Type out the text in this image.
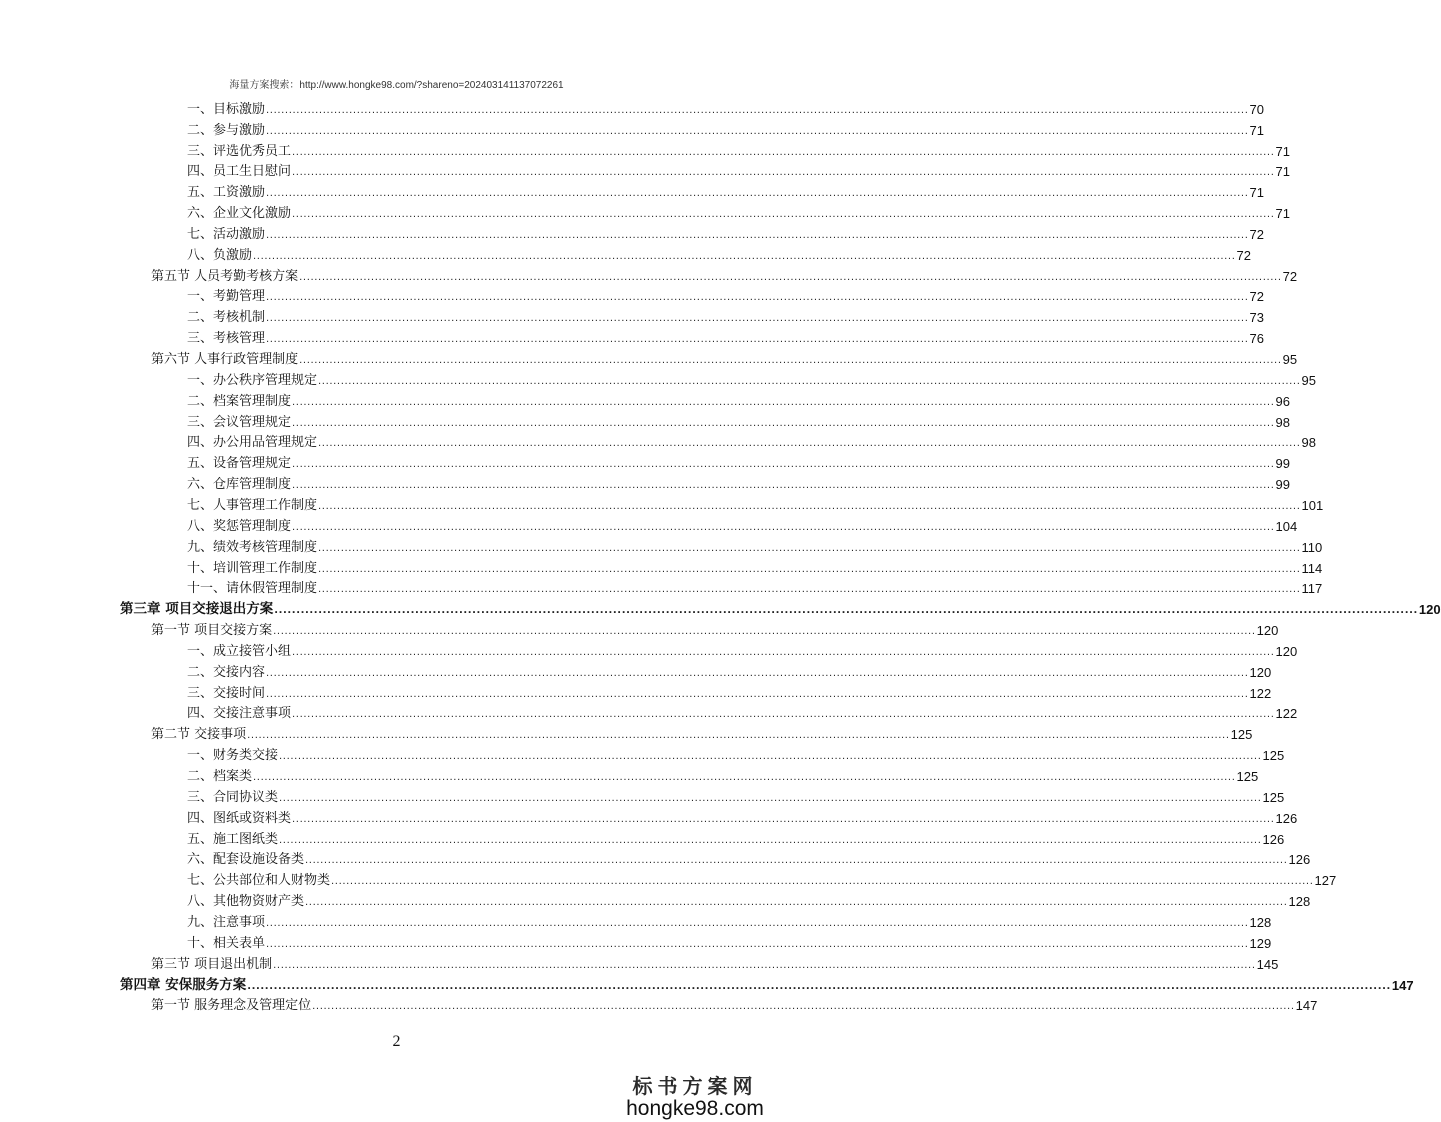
海量方案搜索：http://www.hongke98.com/?shareno=202403141137072261
一、目标激励 .................................................................................................................................................................................................................................................................... 70
二、参与激励 .................................................................................................................................................................................................................................................................... 71
三、评选优秀员工 .................................................................................................................................................................................................................................................................... 71
四、员工生日慰问 .................................................................................................................................................................................................................................................................... 71
五、工资激励 .................................................................................................................................................................................................................................................................... 71
六、企业文化激励 .................................................................................................................................................................................................................................................................... 71
七、活动激励 .................................................................................................................................................................................................................................................................... 72
八、负激励 .................................................................................................................................................................................................................................................................... 72
第五节 人员考勤考核方案 .................................................................................................................................................................................................................................................................... 72
一、考勤管理 .................................................................................................................................................................................................................................................................... 72
二、考核机制 .................................................................................................................................................................................................................................................................... 73
三、考核管理 .................................................................................................................................................................................................................................................................... 76
第六节 人事行政管理制度 .................................................................................................................................................................................................................................................................... 95
一、办公秩序管理规定 .................................................................................................................................................................................................................................................................... 95
二、档案管理制度 .................................................................................................................................................................................................................................................................... 96
三、会议管理规定 .................................................................................................................................................................................................................................................................... 98
四、办公用品管理规定 .................................................................................................................................................................................................................................................................... 98
五、设备管理规定 .................................................................................................................................................................................................................................................................... 99
六、仓库管理制度 .................................................................................................................................................................................................................................................................... 99
七、人事管理工作制度 .................................................................................................................................................................................................................................................................... 101
八、奖惩管理制度 .................................................................................................................................................................................................................................................................... 104
九、绩效考核管理制度 .................................................................................................................................................................................................................................................................... 110
十、培训管理工作制度 .................................................................................................................................................................................................................................................................... 114
十一、请休假管理制度 .................................................................................................................................................................................................................................................................... 117
第三章 项目交接退出方案 .................................................................................................................................................................................................................................................................... 120
第一节 项目交接方案 .................................................................................................................................................................................................................................................................... 120
一、成立接管小组 .................................................................................................................................................................................................................................................................... 120
二、交接内容 .................................................................................................................................................................................................................................................................... 120
三、交接时间 .................................................................................................................................................................................................................................................................... 122
四、交接注意事项 .................................................................................................................................................................................................................................................................... 122
第二节 交接事项 .................................................................................................................................................................................................................................................................... 125
一、财务类交接 .................................................................................................................................................................................................................................................................... 125
二、档案类 .................................................................................................................................................................................................................................................................... 125
三、合同协议类 .................................................................................................................................................................................................................................................................... 125
四、图纸或资料类 .................................................................................................................................................................................................................................................................... 126
五、施工图纸类 .................................................................................................................................................................................................................................................................... 126
六、配套设施设备类 .................................................................................................................................................................................................................................................................... 126
七、公共部位和人财物类 .................................................................................................................................................................................................................................................................... 127
八、其他物资财产类 .................................................................................................................................................................................................................................................................... 128
九、注意事项 .................................................................................................................................................................................................................................................................... 128
十、相关表单 .................................................................................................................................................................................................................................................................... 129
第三节 项目退出机制 .................................................................................................................................................................................................................................................................... 145
第四章 安保服务方案 .................................................................................................................................................................................................................................................................... 147
第一节 服务理念及管理定位 .................................................................................................................................................................................................................................................................... 147
2
标书方案网
hongke98.com
